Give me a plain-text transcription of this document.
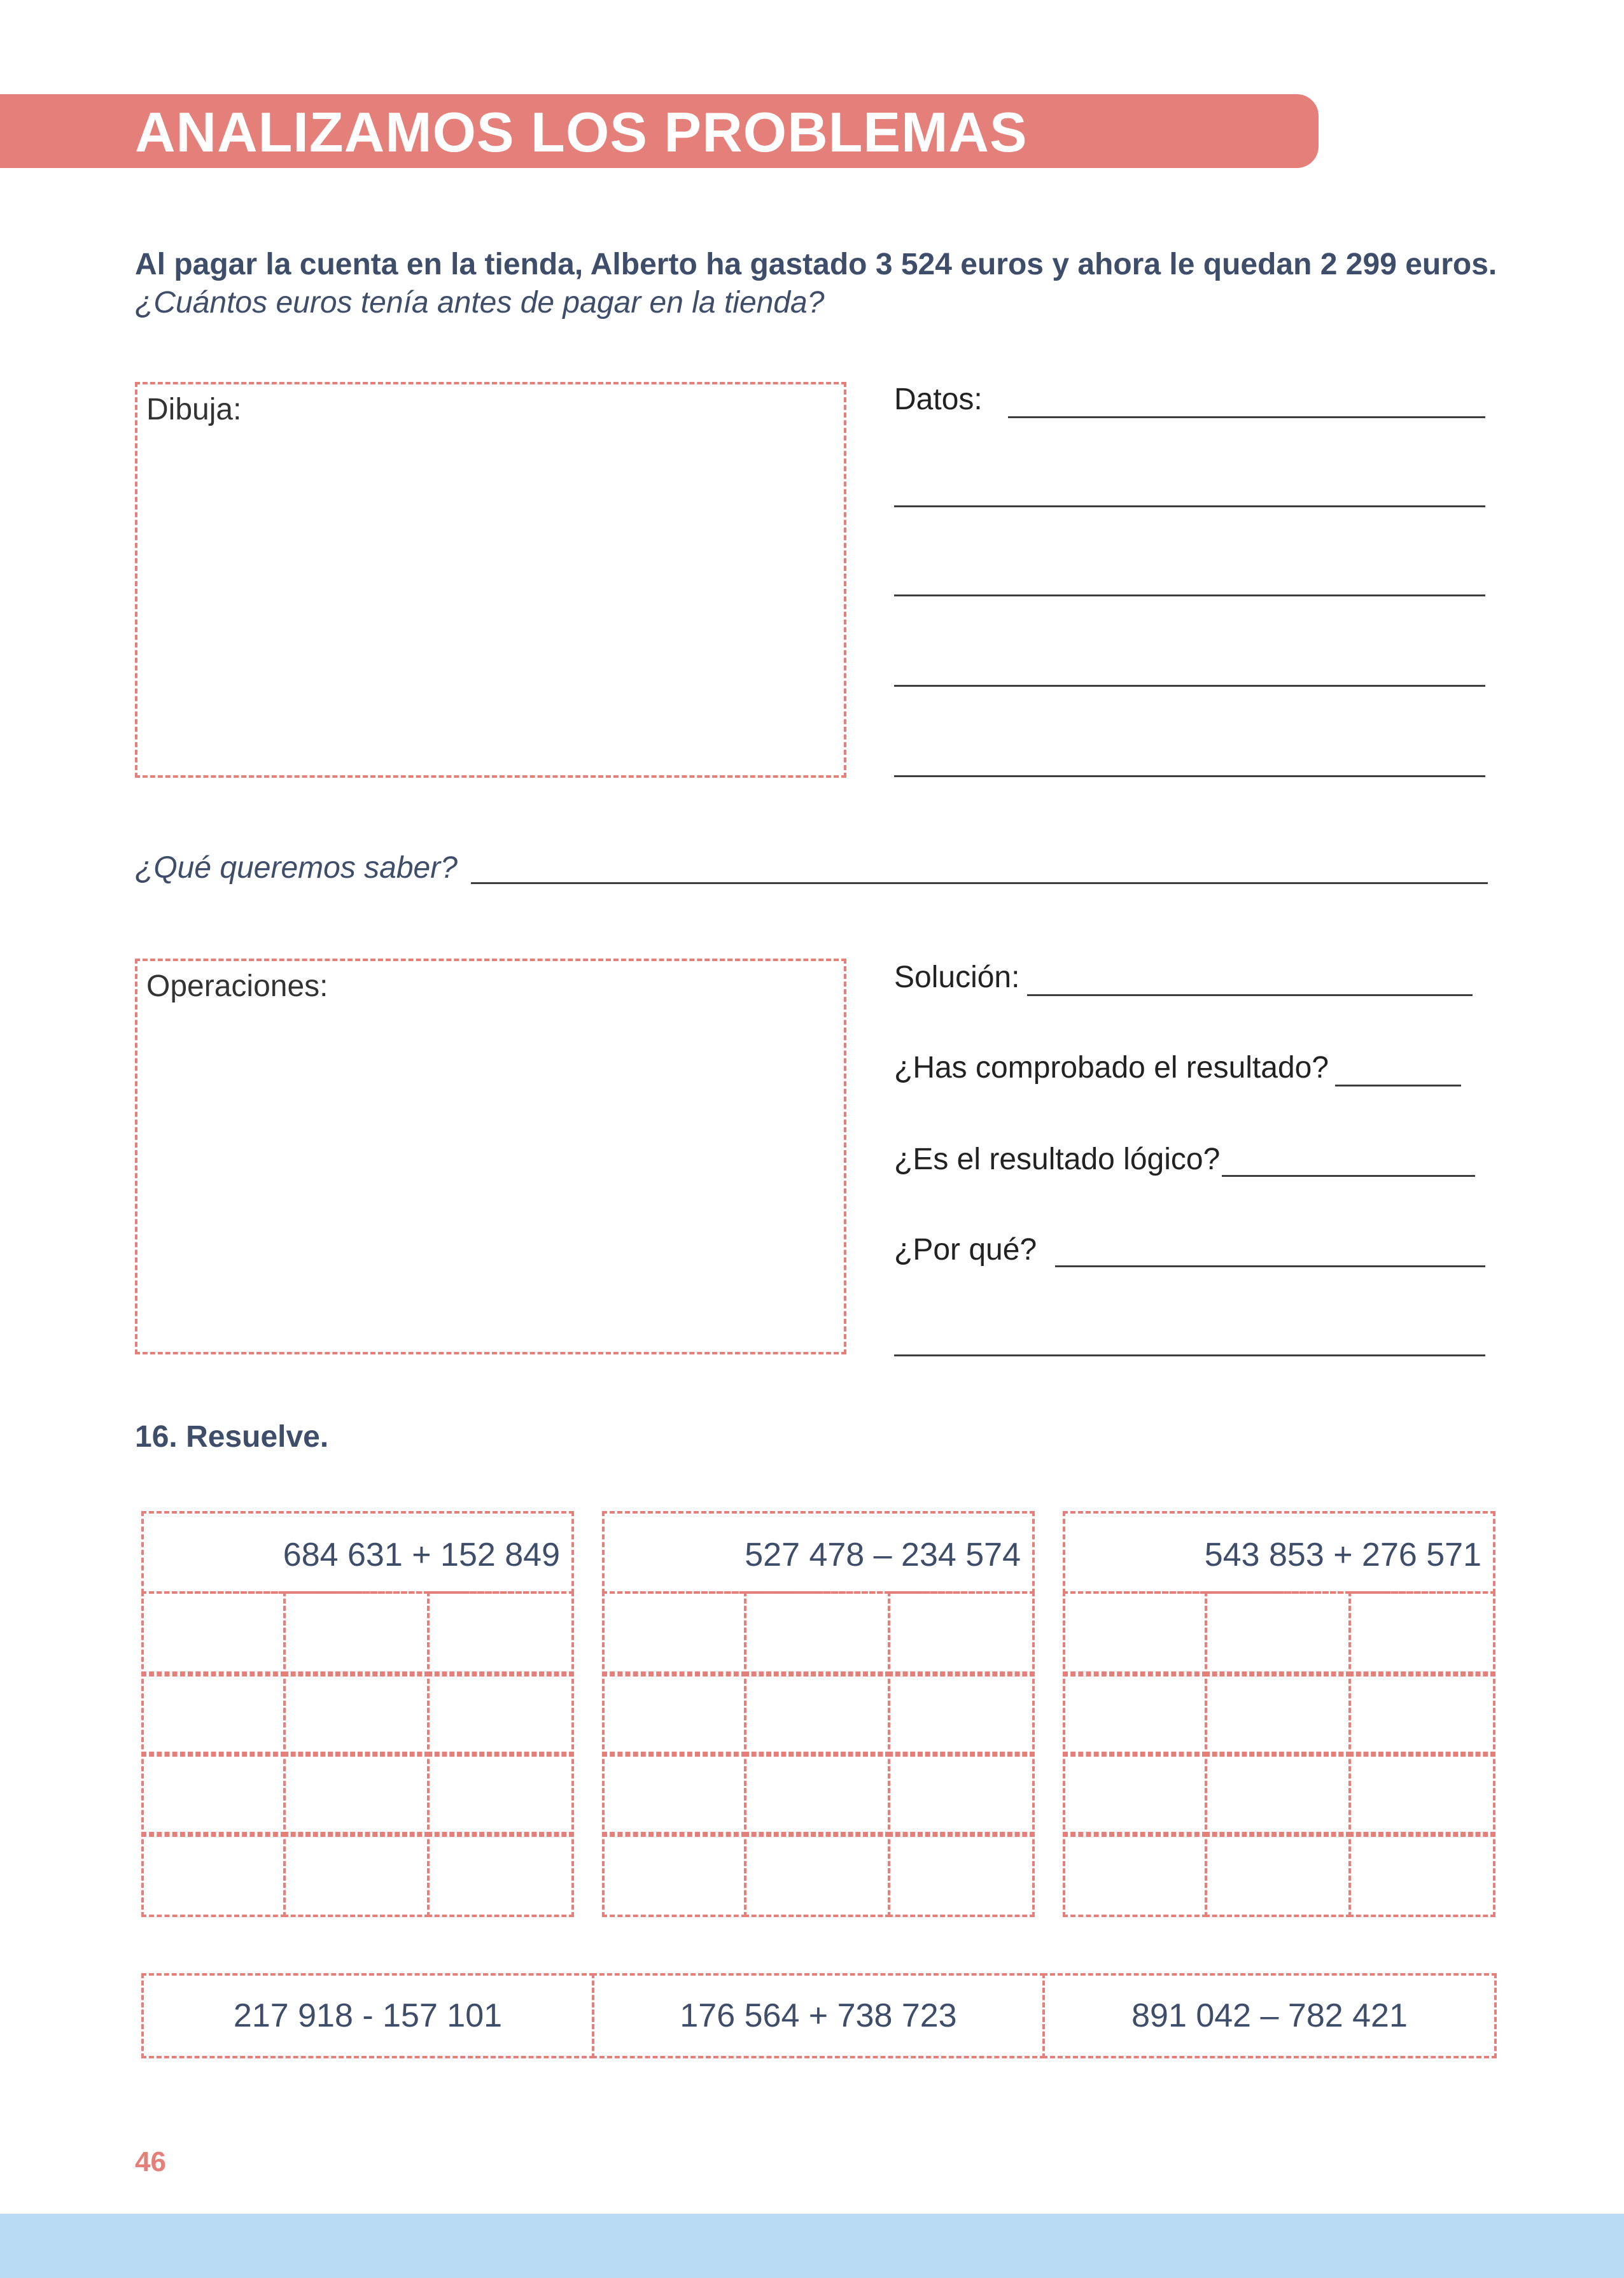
ANALIZAMOS LOS PROBLEMAS
Al pagar la cuenta en la tienda, Alberto ha gastado 3 524 euros y ahora le quedan 2 299 euros.
¿Cuántos euros tenía antes de pagar en la tienda?
Dibuja:	Datos:
¿Qué queremos saber?
Operaciones:	Solución:
¿Has comprobado el resultado?
¿Es el resultado lógico?
¿Por qué?
16. Resuelve.
684 631 + 152 849	527 478 – 234 574	543 853 + 276 571
217 918 - 157 101	176 564 + 738 723	891 042 – 782 421
46
